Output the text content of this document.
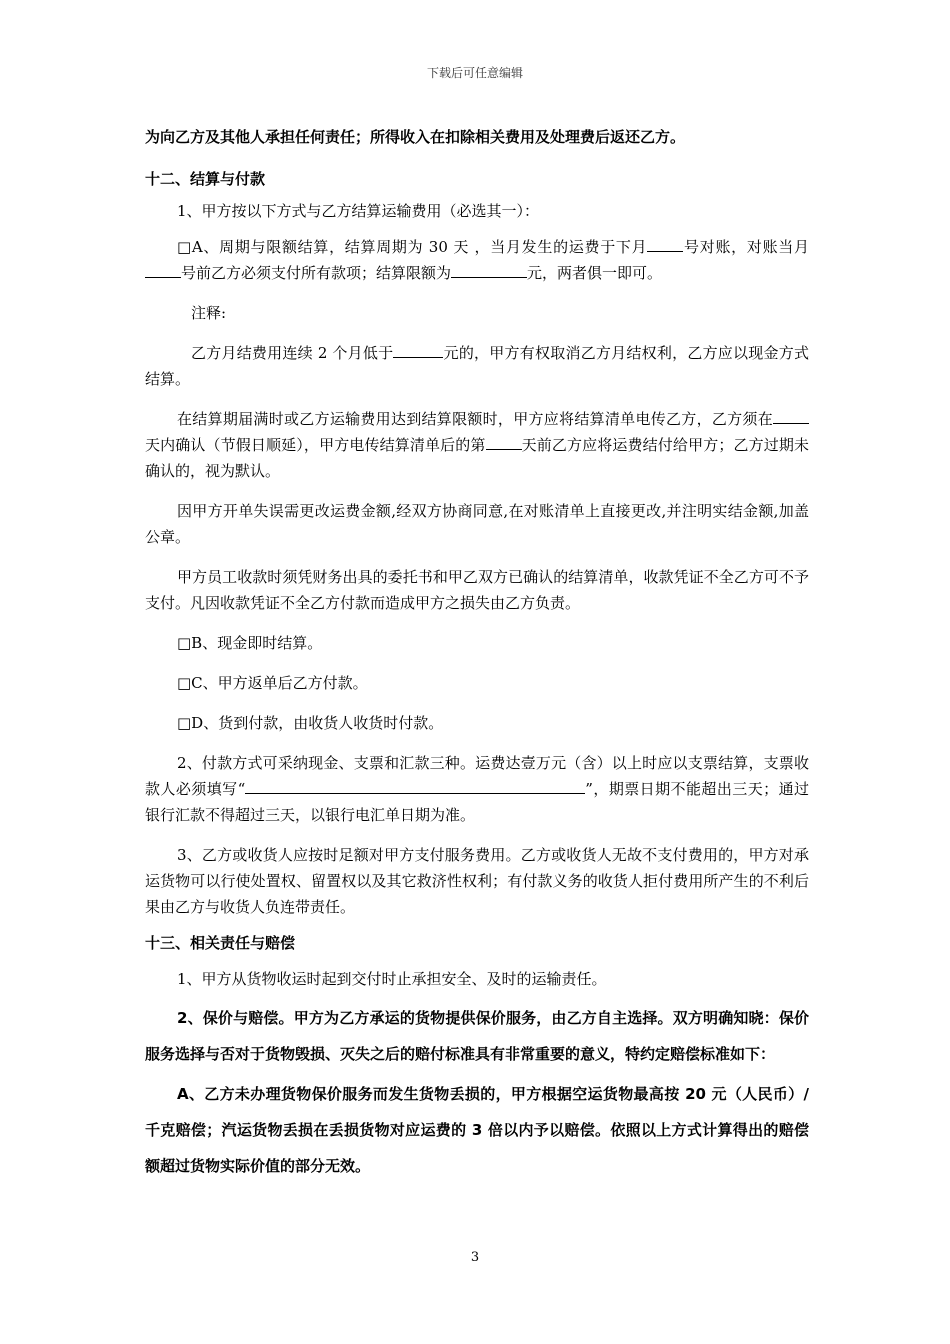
下载后可任意编辑

为向乙方及其他人承担任何责任；所得收入在扣除相关费用及处理费后返还乙方。

十二、结算与付款

1、甲方按以下方式与乙方结算运输费用（必选其一）：

□A、周期与限额结算，结算周期为 30 天 ，当月发生的运费于下月 号对账，对账当月号前乙方必须支付所有款项；结算限额为	元，两者俱一即可。

注释:

乙方月结费用连续 2 个月低于	元的，甲方有权取消乙方月结权利，乙方应以现金方式结算。

在结算期届满时或乙方运输费用达到结算限额时，甲方应将结算清单电传乙方，乙方须在天内确认（节假日顺延），甲方电传结算清单后的第 天前乙方应将运费结付给甲方；乙方过期未确认的，视为默认。

因甲方开单失误需更改运费金额,经双方协商同意,在对账清单上直接更改,并注明实结金额,加盖公章。

甲方员工收款时须凭财务出具的委托书和甲乙双方已确认的结算清单，收款凭证不全乙方可不予支付。凡因收款凭证不全乙方付款而造成甲方之损失由乙方负责。

□B、现金即时结算。

□C、甲方返单后乙方付款。

□D、货到付款，由收货人收货时付款。

2、付款方式可采纳现金、支票和汇款三种。运费达壹万元（含）以上时应以支票结算，支票收款人必须填写“	”，期票日期不能超出三天；通过银行汇款不得超过三天，以银行电汇单日期为准。

3、乙方或收货人应按时足额对甲方支付服务费用。乙方或收货人无故不支付费用的，甲方对承运货物可以行使处置权、留置权以及其它救济性权利；有付款义务的收货人拒付费用所产生的不利后果由乙方与收货人负连带责任。

十三、相关责任与赔偿

1、甲方从货物收运时起到交付时止承担安全、及时的运输责任。

2、保价与赔偿。甲方为乙方承运的货物提供保价服务，由乙方自主选择。双方明确知晓：保价服务选择与否对于货物毁损、灭失之后的赔付标准具有非常重要的意义，特约定赔偿标准如下：

A、乙方未办理货物保价服务而发生货物丢损的，甲方根据空运货物最高按 20 元（人民币）/千克赔偿；汽运货物丢损在丢损货物对应运费的 3 倍以内予以赔偿。依照以上方式计算得出的赔偿额超过货物实际价值的部分无效。

3
